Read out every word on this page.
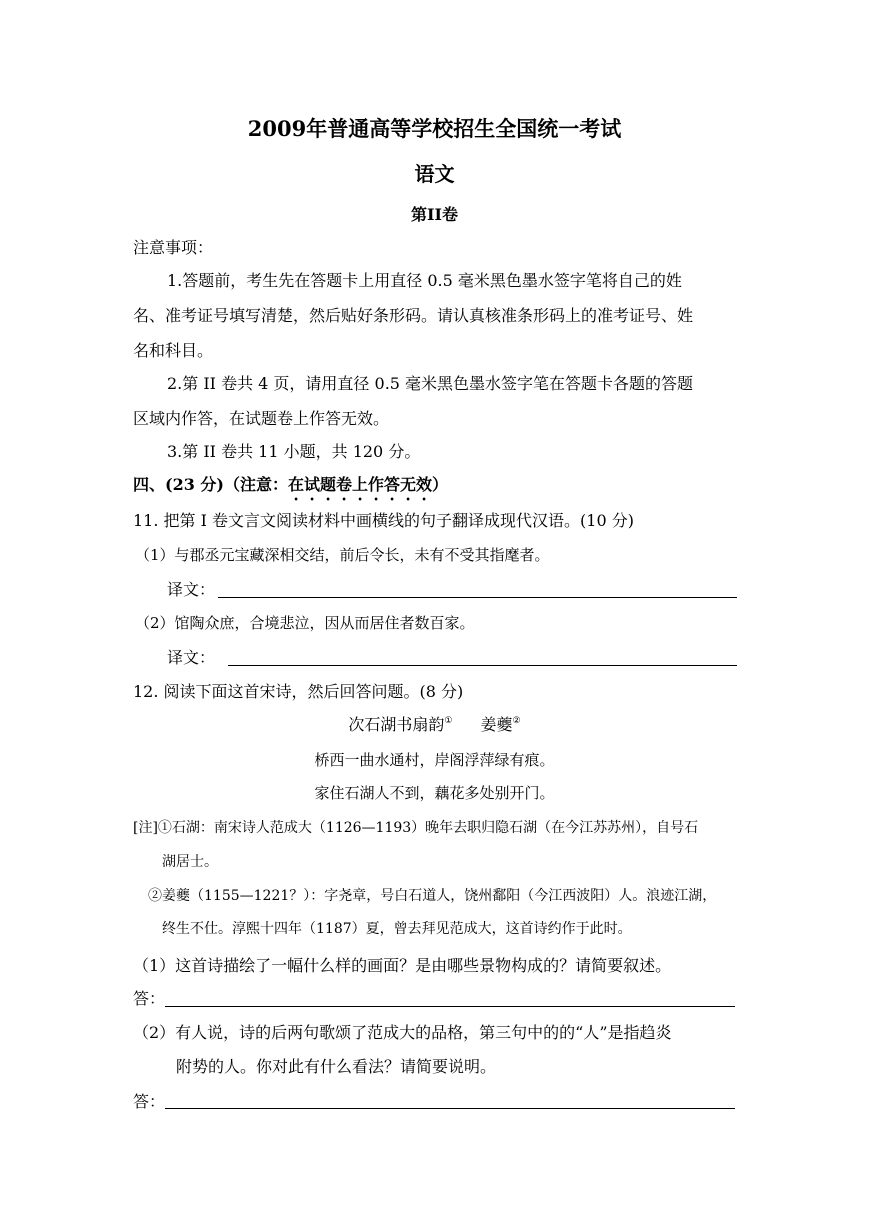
2009年普通高等学校招生全国统一考试
语文
第II卷
注意事项：
1.答题前，考生先在答题卡上用直径 0.5 毫米黑色墨水签字笔将自己的姓
名、准考证号填写清楚，然后贴好条形码。请认真核准条形码上的准考证号、姓
名和科目。
2.第 II 卷共 4 页，请用直径 0.5 毫米黑色墨水签字笔在答题卡各题的答题
区域内作答，在试题卷上作答无效。
3.第 II 卷共 11 小题，共 120 分。
四、(23 分)（注意：在试题卷上作答无效）
11. 把第 I 卷文言文阅读材料中画横线的句子翻译成现代汉语。(10 分)
（1）与郡丞元宝藏深相交结，前后令长，未有不受其指麾者。
译文：
（2）馆陶众庶，合境悲泣，因从而居住者数百家。
译文：
12. 阅读下面这首宋诗，然后回答问题。(8 分)
次石湖书扇韵① 姜夔②
桥西一曲水通村，岸阁浮萍绿有痕。
家住石湖人不到，藕花多处别开门。
[注]①石湖：南宋诗人范成大（1126—1193）晚年去职归隐石湖（在今江苏苏州），自号石
湖居士。
②姜夔（1155—1221？）：字尧章，号白石道人，饶州鄱阳（今江西波阳）人。浪迹江湖，
终生不仕。淳熙十四年（1187）夏，曾去拜见范成大，这首诗约作于此时。
（1）这首诗描绘了一幅什么样的画面？是由哪些景物构成的？请简要叙述。
答：
（2）有人说，诗的后两句歌颂了范成大的品格，第三句中的的“人”是指趋炎
附势的人。你对此有什么看法？请简要说明。
答：
